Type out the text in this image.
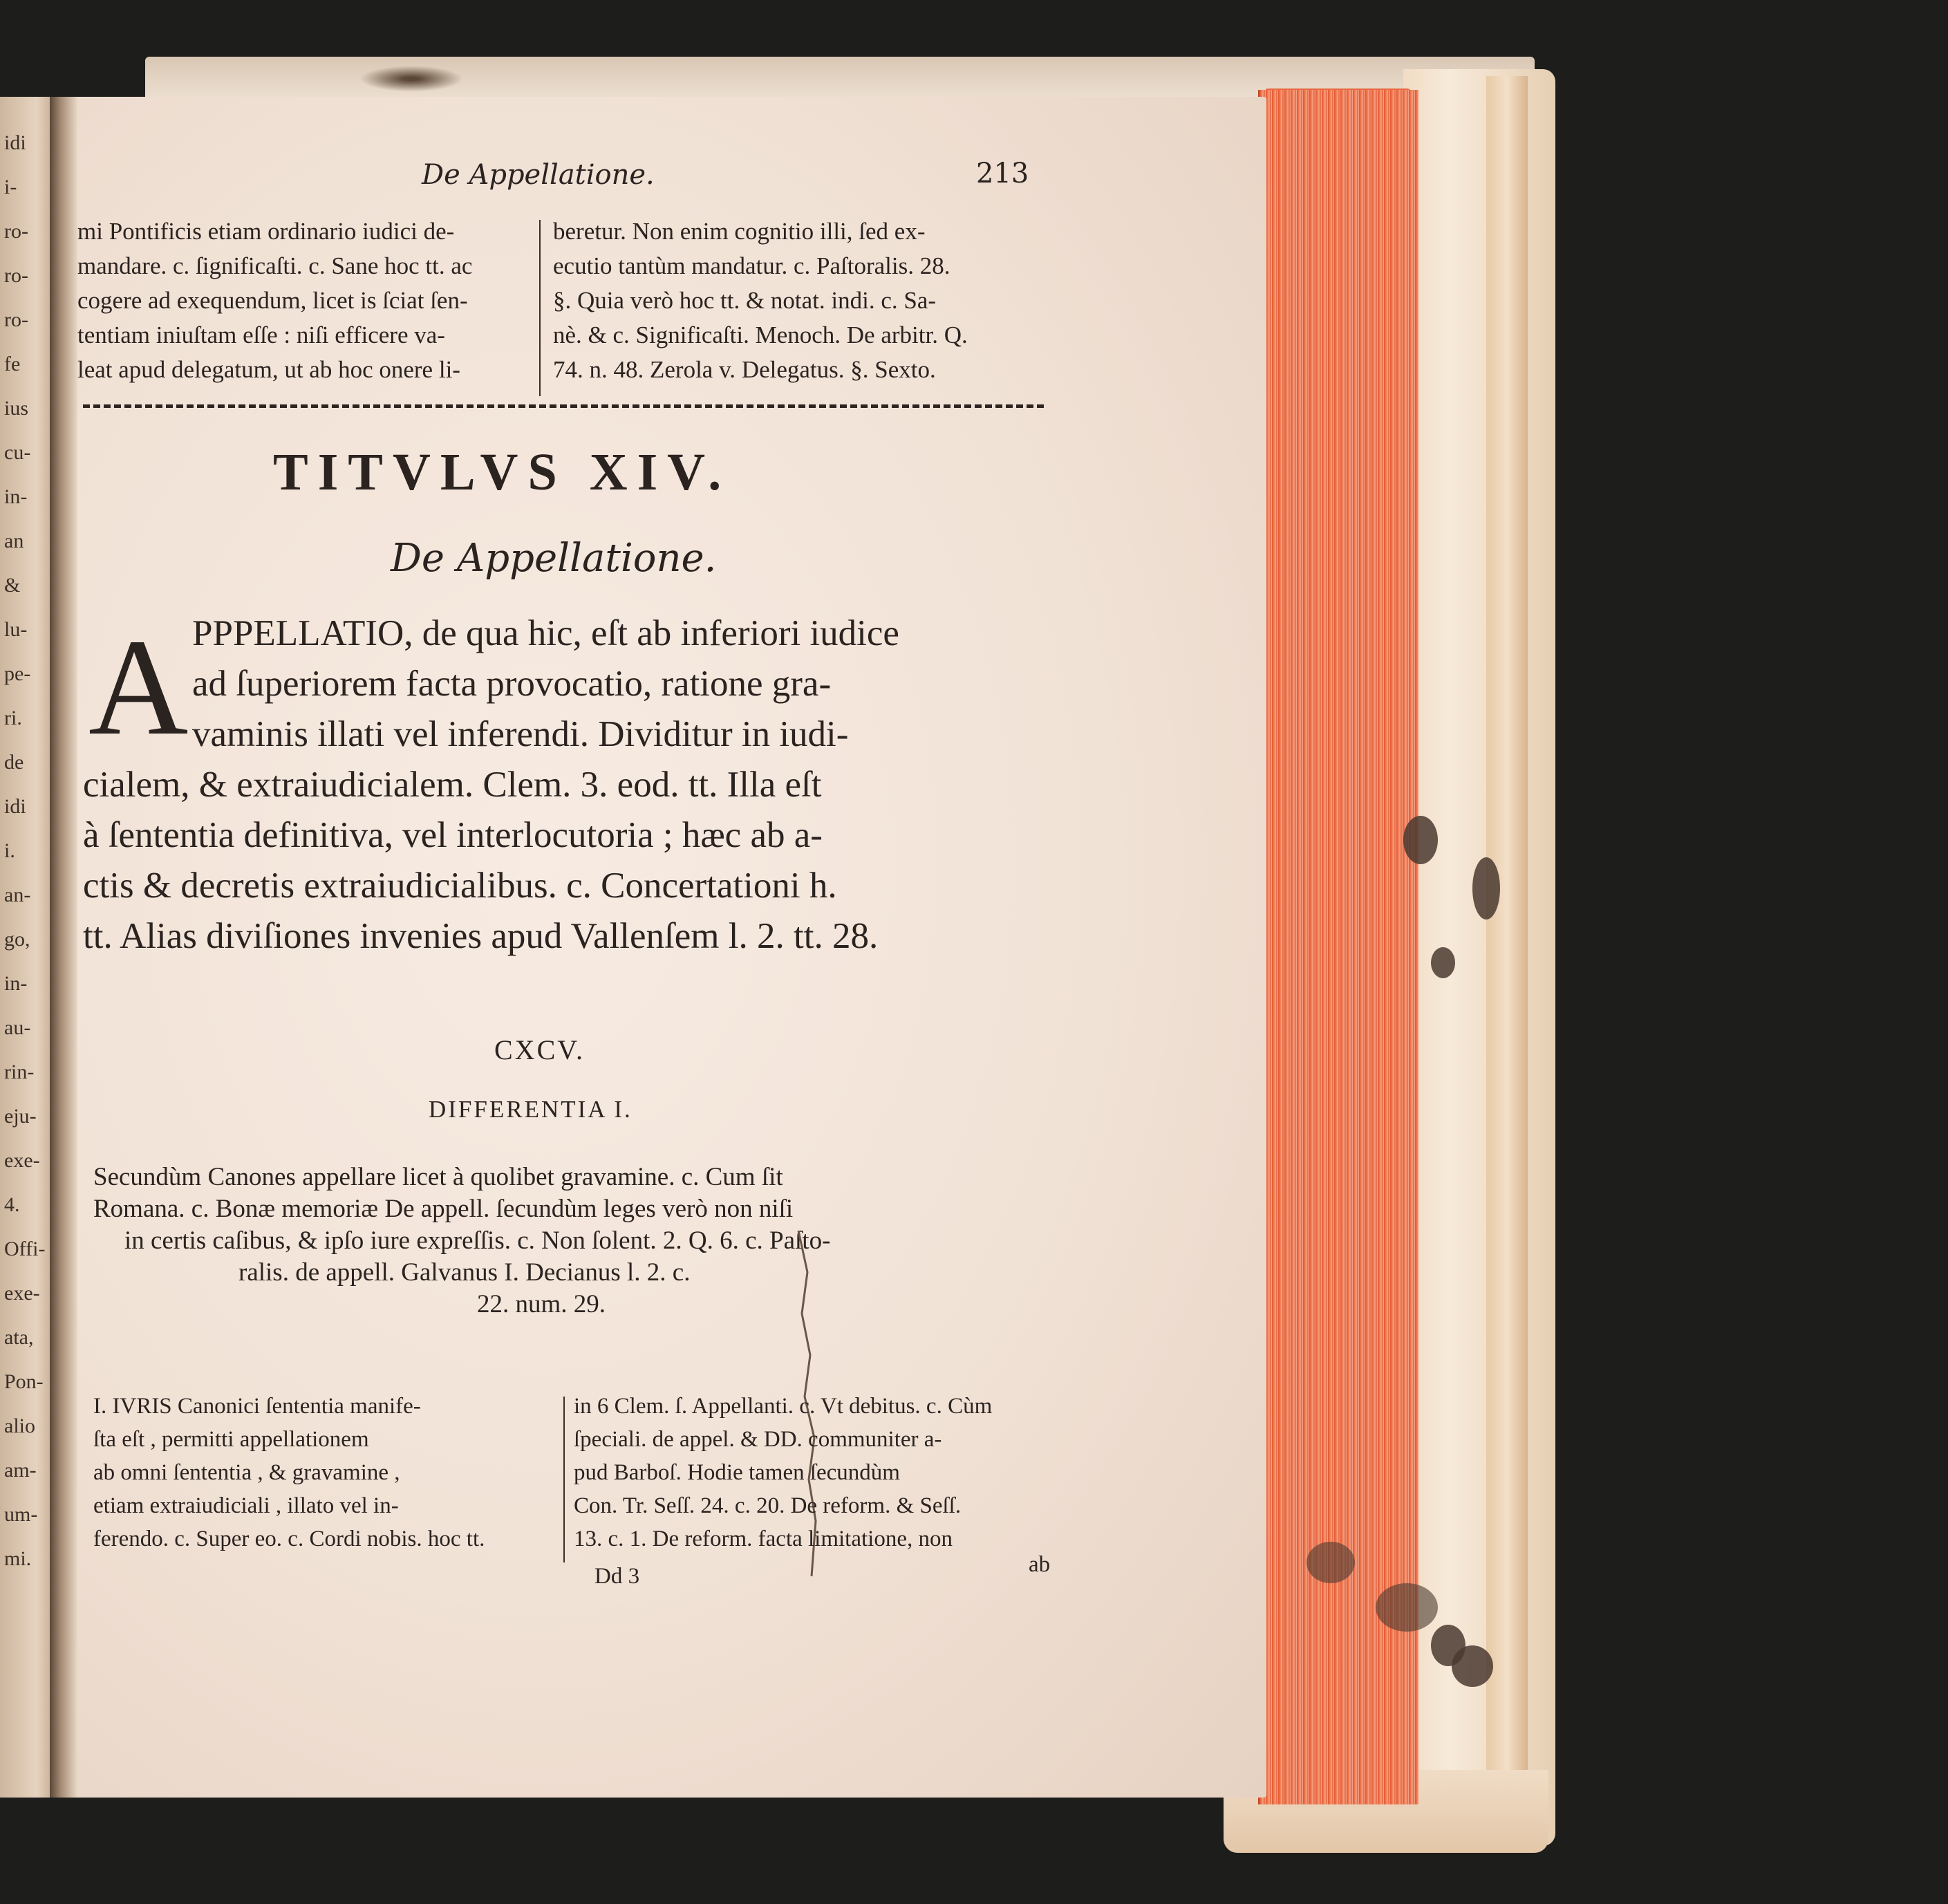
idi
i-
ro-
ro-
ro-
fe
ius
cu-
in-
an
&
lu-
pe-
ri.
de
idi
i.
an-
go,
in-
au-
rin-
eju-
exe-
4.
Offi-
exe-
ata,
Pon-
alio
am-
um-
mi.
De Appellatione.	213
mi Pontificis etiam ordinario iudici de-
mandare. c. ſignificaſti. c. Sane hoc tt. ac
cogere ad exequendum, licet is ſciat ſen-
tentiam iniuſtam eſſe : niſi efficere va-
leat apud delegatum, ut ab hoc onere li-
beretur. Non enim cognitio illi, ſed ex-
ecutio tantùm mandatur. c. Paſtoralis. 28.
§. Quia verò hoc tt. & notat. indi. c. Sa-
nè. & c. Significaſti. Menoch. De arbitr. Q.
74. n. 48. Zerola v. Delegatus. §. Sexto.
TITVLVS XIV.
De Appellatione.
A PPPELLATIO, de qua hic, eſt ab inferiori iudice
ad ſuperiorem facta provocatio, ratione gra-
vaminis illati vel inferendi. Dividitur in iudi-
cialem, & extraiudicialem. Clem. 3. eod. tt. Illa eſt
à ſententia definitiva, vel interlocutoria ; hæc ab a-
ctis & decretis extraiudicialibus. c. Concertationi h.
tt. Alias diviſiones invenies apud Vallenſem l. 2. tt. 28.
CXCV.
DIFFERENTIA I.
Secundùm Canones appellare licet à quolibet gravamine. c. Cum ſit
Romana. c. Bonæ memoriæ De appell. ſecundùm leges verò non niſi
in certis caſibus, & ipſo iure expreſſis. c. Non ſolent. 2. Q. 6. c. Paſto-
ralis. de appell. Galvanus I. Decianus l. 2. c.
22. num. 29.
I. IVRIS Canonici ſententia manife-
ſta eſt , permitti appellationem
ab omni ſententia , & gravamine ,
etiam extraiudiciali , illato vel in-
ferendo. c. Super eo. c. Cordi nobis. hoc tt.
in 6 Clem. ſ. Appellanti. c. Vt debitus. c. Cùm
ſpeciali. de appel. & DD. communiter a-
pud Barboſ. Hodie tamen ſecundùm
Con. Tr. Seſſ. 24. c. 20. De reform. & Seſſ.
13. c. 1. De reform. facta limitatione, non
Dd 3	ab
